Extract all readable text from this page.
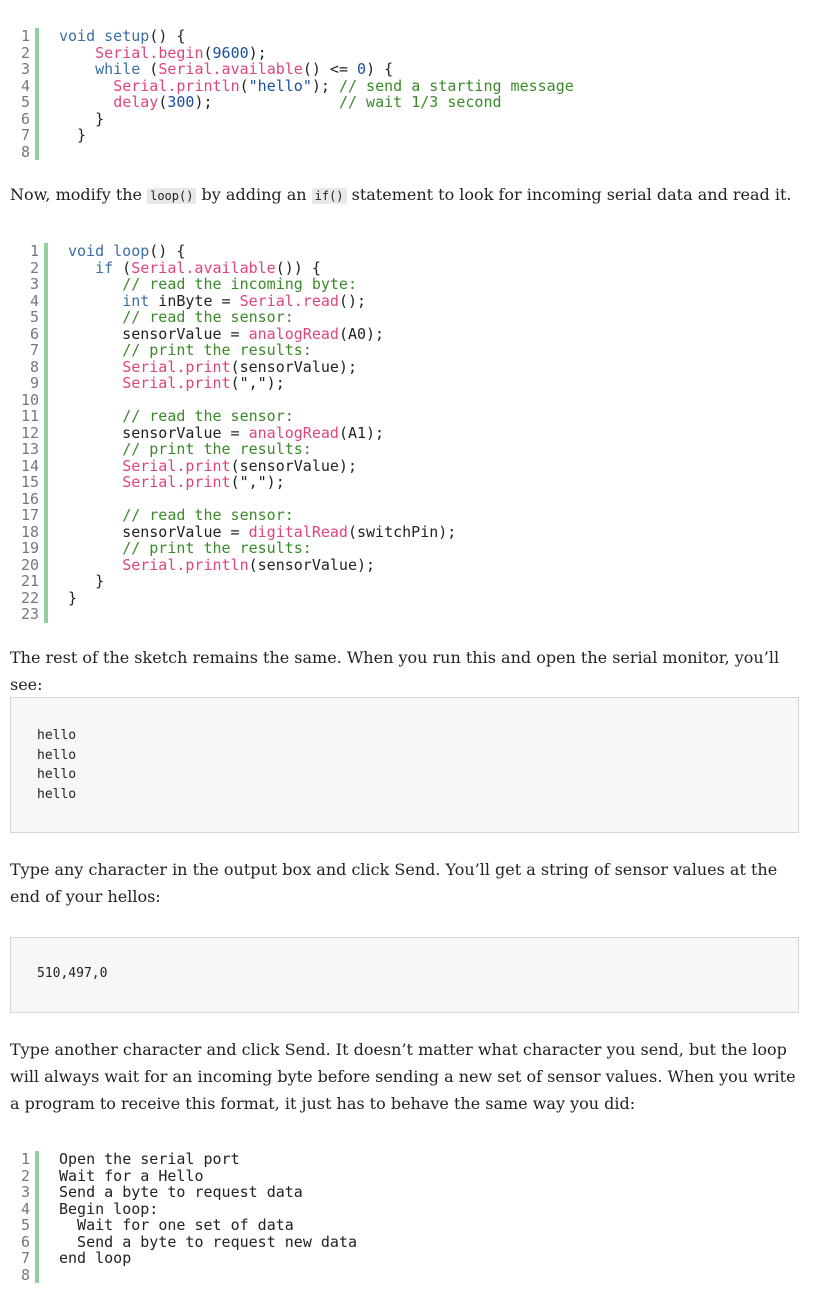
1
2
3
4
5
6
7
8
void setup() {
Serial.begin(9600);
while (Serial.available() <= 0) {
Serial.println("hello"); // send a starting message
delay(300);              // wait 1/3 second
}
}
Now, modify the loop() by adding an if() statement to look for incoming serial data and read it.
1
2
3
4
5
6
7
8
9
10
11
12
13
14
15
16
17
18
19
20
21
22
23
void loop() {
if (Serial.available()) {
// read the incoming byte:
int inByte = Serial.read();
// read the sensor:
sensorValue = analogRead(A0);
// print the results:
Serial.print(sensorValue);
Serial.print(",");
// read the sensor:
sensorValue = analogRead(A1);
// print the results:
Serial.print(sensorValue);
Serial.print(",");
// read the sensor:
sensorValue = digitalRead(switchPin);
// print the results:
Serial.println(sensorValue);
}
}
The rest of the sketch remains the same. When you run this and open the serial monitor, you’ll see:
hello
hello
hello
hello
Type any character in the output box and click Send. You’ll get a string of sensor values at the end of your hellos:
510,497,0
Type another character and click Send. It doesn’t matter what character you send, but the loop will always wait for an incoming byte before sending a new set of sensor values. When you write a program to receive this format, it just has to behave the same way you did:
1
2
3
4
5
6
7
8
Open the serial port
Wait for a Hello
Send a byte to request data
Begin loop:
Wait for one set of data
Send a byte to request new data
end loop
